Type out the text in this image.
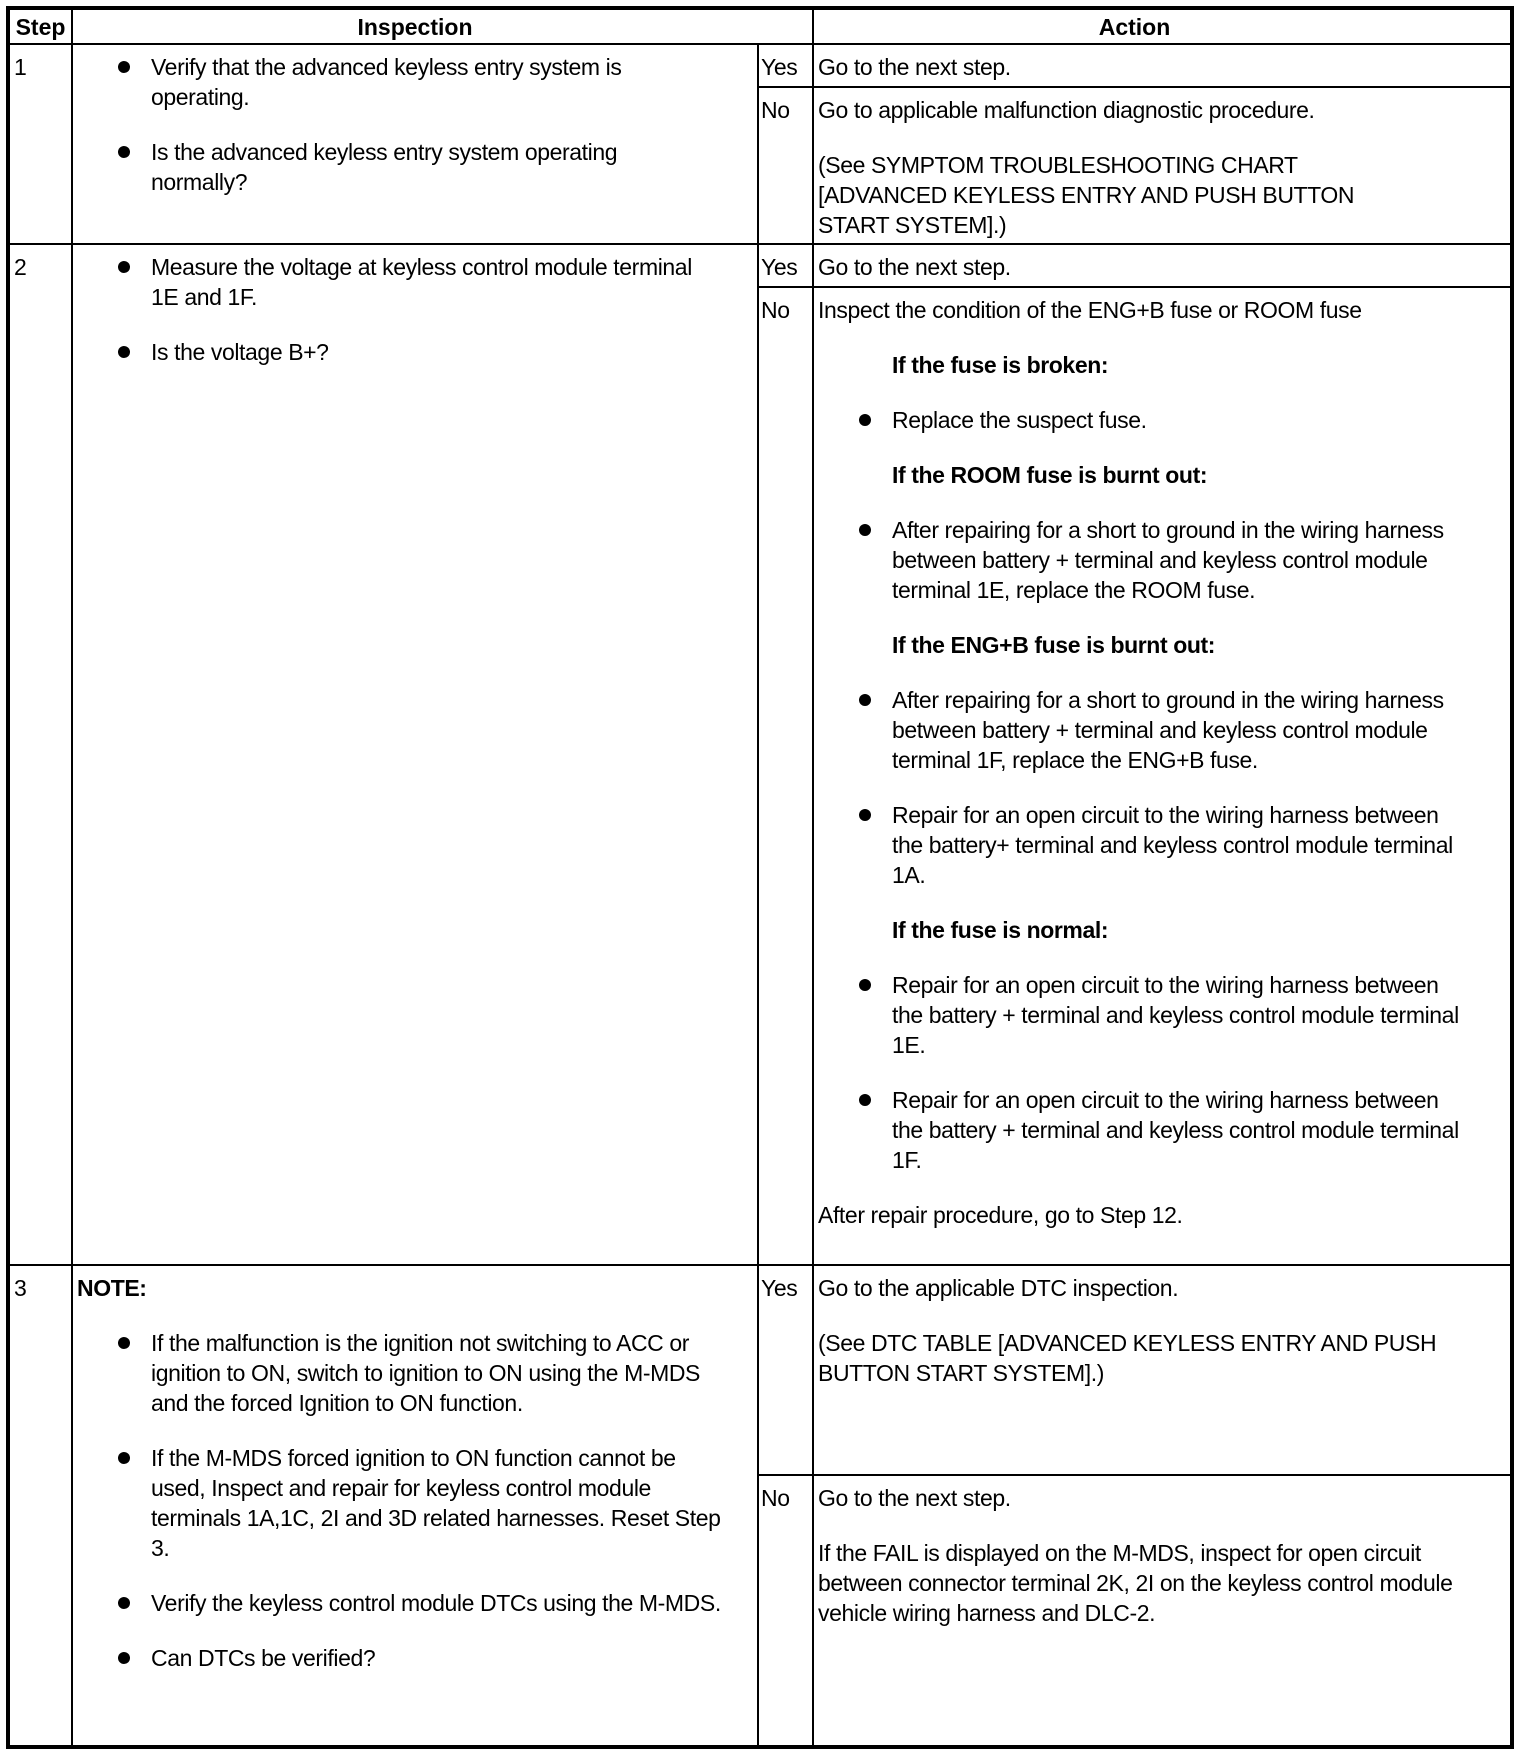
Step	Inspection	Action
1	Verify that the advanced keyless entry system is operating.
Is the advanced keyless entry system operating normally?
Yes Go to the next step.
No Go to applicable malfunction diagnostic procedure.
(See SYMPTOM TROUBLESHOOTING CHART [ADVANCED KEYLESS ENTRY AND PUSH BUTTON START SYSTEM].)
2	Measure the voltage at keyless control module terminal 1E and 1F.
Is the voltage B+?
Yes Go to the next step.
No Inspect the condition of the ENG+B fuse or ROOM fuse
If the fuse is broken:
Replace the suspect fuse.
If the ROOM fuse is burnt out:
After repairing for a short to ground in the wiring harness between battery + terminal and keyless control module terminal 1E, replace the ROOM fuse.
If the ENG+B fuse is burnt out:
After repairing for a short to ground in the wiring harness between battery + terminal and keyless control module terminal 1F, replace the ENG+B fuse.
Repair for an open circuit to the wiring harness between the battery+ terminal and keyless control module terminal 1A.
If the fuse is normal:
Repair for an open circuit to the wiring harness between the battery + terminal and keyless control module terminal 1E.
Repair for an open circuit to the wiring harness between the battery + terminal and keyless control module terminal 1F.
After repair procedure, go to Step 12.
3 NOTE:
If the malfunction is the ignition not switching to ACC or ignition to ON, switch to ignition to ON using the M-MDS and the forced Ignition to ON function.
If the M-MDS forced ignition to ON function cannot be used, Inspect and repair for keyless control module terminals 1A,1C, 2I and 3D related harnesses. Reset Step 3.
Verify the keyless control module DTCs using the M-MDS.
Can DTCs be verified?
Yes Go to the applicable DTC inspection.
(See DTC TABLE [ADVANCED KEYLESS ENTRY AND PUSH BUTTON START SYSTEM].)
No Go to the next step.
If the FAIL is displayed on the M-MDS, inspect for open circuit between connector terminal 2K, 2I on the keyless control module vehicle wiring harness and DLC-2.
